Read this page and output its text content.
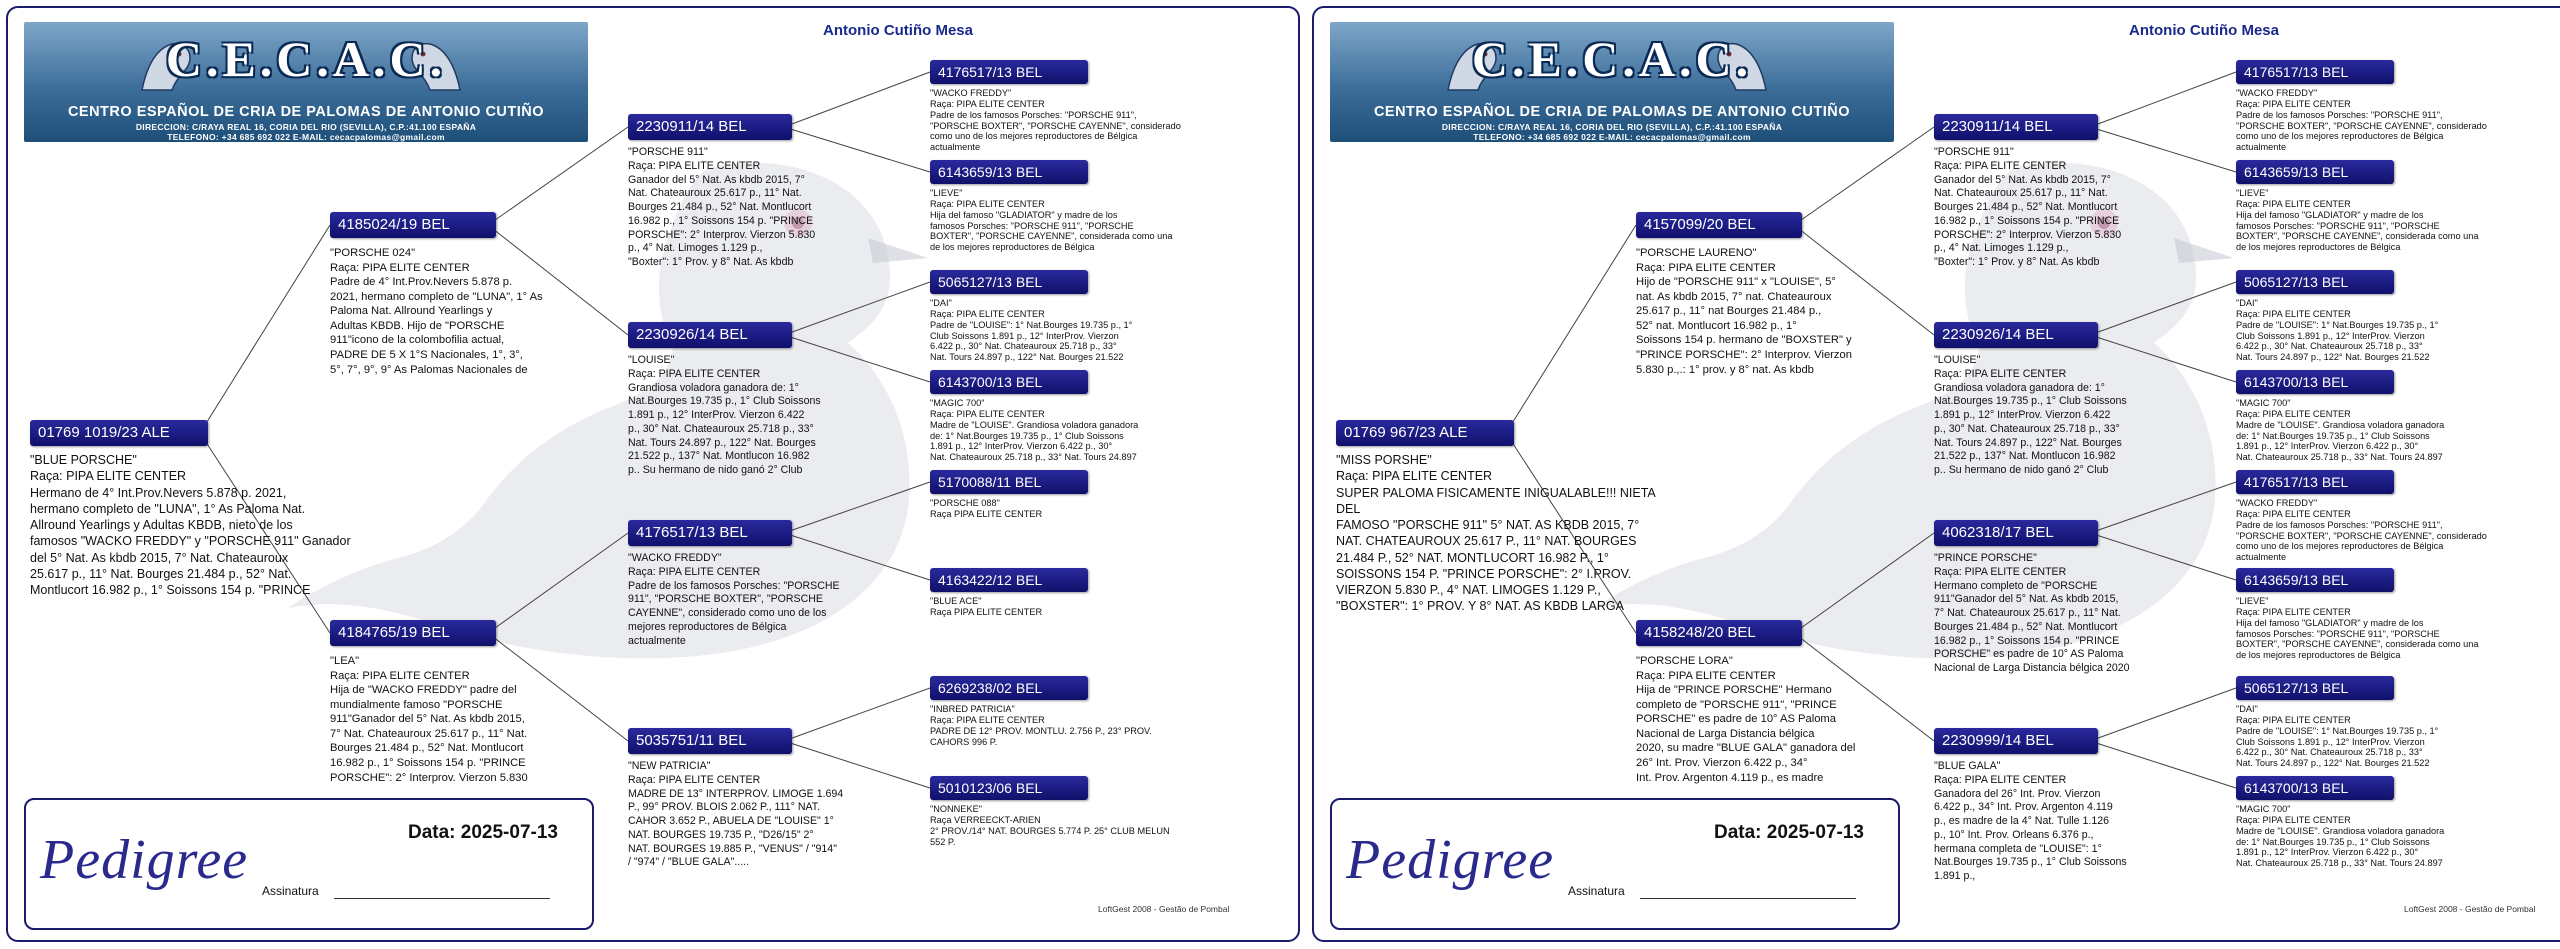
C.E.C.A.C.
CENTRO ESPAÑOL DE CRIA DE PALOMAS DE ANTONIO CUTIÑO
DIRECCION: C/RAYA REAL 16, CORIA DEL RIO (SEVILLA), C.P.:41.100 ESPAÑA
TELEFONO: +34 685 692 022 E-MAIL: cecacpalomas@gmail.com
Antonio Cutiño Mesa
01769 1019/23 ALE
"BLUE PORSCHE"
Raça: PIPA ELITE CENTER
Hermano de 4° Int.Prov.Nevers 5.878 p. 2021,
hermano completo de "LUNA", 1° As Paloma Nat.
Allround Yearlings y Adultas KBDB, nieto de los
famosos "WACKO FREDDY" y "PORSCHE 911" Ganador
del 5° Nat. As kbdb 2015, 7° Nat. Chateauroux
25.617 p., 11° Nat. Bourges 21.484 p., 52° Nat.
Montlucort 16.982 p., 1° Soissons 154 p. "PRINCE
4185024/19 BEL
"PORSCHE 024"
Raça: PIPA ELITE CENTER
Padre de 4° Int.Prov.Nevers 5.878 p.
2021, hermano completo de "LUNA", 1° As
Paloma Nat. Allround Yearlings y
Adultas KBDB. Hijo de "PORSCHE
911"icono de la colombofilia actual,
PADRE DE 5 X 1°S Nacionales, 1°, 3°,
5°, 7°, 9°, 9° As Palomas Nacionales de
4184765/19 BEL
"LEA"
Raça: PIPA ELITE CENTER
Hija de "WACKO FREDDY" padre del
mundialmente famoso "PORSCHE
911"Ganador del 5° Nat. As kbdb 2015,
7° Nat. Chateauroux 25.617 p., 11° Nat.
Bourges 21.484 p., 52° Nat. Montlucort
16.982 p., 1° Soissons 154 p. "PRINCE
PORSCHE": 2° Interprov. Vierzon 5.830
2230911/14 BEL
"PORSCHE 911"
Raça: PIPA ELITE CENTER
Ganador del 5° Nat. As kbdb 2015, 7°
Nat. Chateauroux 25.617 p., 11° Nat.
Bourges 21.484 p., 52° Nat. Montlucort
16.982 p., 1° Soissons 154 p. "PRINCE
PORSCHE": 2° Interprov. Vierzon 5.830
p., 4° Nat. Limoges 1.129 p.,
"Boxter": 1° Prov. y 8° Nat. As kbdb
2230926/14 BEL
"LOUISE"
Raça: PIPA ELITE CENTER
Grandiosa voladora ganadora de: 1°
Nat.Bourges 19.735 p., 1° Club Soissons
1.891 p., 12° InterProv. Vierzon 6.422
p., 30° Nat. Chateauroux 25.718 p., 33°
Nat. Tours 24.897 p., 122° Nat. Bourges
21.522 p., 137° Nat. Montlucon 16.982
p.. Su hermano de nido ganó 2° Club
4176517/13 BEL
"WACKO FREDDY"
Raça: PIPA ELITE CENTER
Padre de los famosos Porsches: "PORSCHE
911", "PORSCHE BOXTER", "PORSCHE
CAYENNE", considerado como uno de los
mejores reproductores de Bélgica
actualmente
5035751/11 BEL
"NEW PATRICIA"
Raça: PIPA ELITE CENTER
MADRE DE 13° INTERPROV. LIMOGE 1.694
P., 99° PROV. BLOIS 2.062 P., 111° NAT.
CAHOR 3.652 P., ABUELA DE "LOUISE" 1°
NAT. BOURGES 19.735 P., "D26/15" 2°
NAT. BOURGES 19.885 P., "VENUS" / "914"
/ "974" / "BLUE GALA".....
4176517/13 BEL
"WACKO FREDDY"
Raça: PIPA ELITE CENTER
Padre de los famosos Porsches: "PORSCHE 911",
"PORSCHE BOXTER", "PORSCHE CAYENNE", considerado
como uno de los mejores reproductores de Bélgica
actualmente
6143659/13 BEL
"LIEVE"
Raça: PIPA ELITE CENTER
Hija del famoso "GLADIATOR" y madre de los
famosos Porsches: "PORSCHE 911", "PORSCHE
BOXTER", "PORSCHE CAYENNE", considerada como una
de los mejores reproductores de Bélgica
5065127/13 BEL
"DAI"
Raça: PIPA ELITE CENTER
Padre de "LOUISE": 1° Nat.Bourges 19.735 p., 1°
Club Soissons 1.891 p., 12° InterProv. Vierzon
6.422 p., 30° Nat. Chateauroux 25.718 p., 33°
Nat. Tours 24.897 p., 122° Nat. Bourges 21.522
6143700/13 BEL
"MAGIC 700"
Raça: PIPA ELITE CENTER
Madre de "LOUISE". Grandiosa voladora ganadora
de: 1° Nat.Bourges 19.735 p., 1° Club Soissons
1.891 p., 12° InterProv. Vierzon 6.422 p., 30°
Nat. Chateauroux 25.718 p., 33° Nat. Tours 24.897
5170088/11 BEL
"PORSCHE 088"
Raça PIPA ELITE CENTER
4163422/12 BEL
"BLUE ACE"
Raça PIPA ELITE CENTER
6269238/02 BEL
"INBRED PATRICIA"
Raça: PIPA ELITE CENTER
PADRE DE 12° PROV. MONTLU. 2.756 P., 23° PROV.
CAHORS 996 P.
5010123/06 BEL
"NONNEKE"
Raça VERREECKT-ARIEN
2° PROV./14° NAT. BOURGES 5.774 P. 25° CLUB MELUN
552 P.
Pedigree	Data: 2025-07-13
Assinatura
LoftGest 2008 - Gestão de Pombal
C.E.C.A.C.
CENTRO ESPAÑOL DE CRIA DE PALOMAS DE ANTONIO CUTIÑO
DIRECCION: C/RAYA REAL 16, CORIA DEL RIO (SEVILLA), C.P.:41.100 ESPAÑA
TELEFONO: +34 685 692 022 E-MAIL: cecacpalomas@gmail.com
Antonio Cutiño Mesa
01769 967/23 ALE
"MISS PORSHE"
Raça: PIPA ELITE CENTER
SUPER PALOMA FISICAMENTE INIGUALABLE!!! NIETA DEL
FAMOSO "PORSCHE 911" 5° NAT. AS KBDB 2015, 7°
NAT. CHATEAUROUX 25.617 P., 11° NAT. BOURGES
21.484 P., 52° NAT. MONTLUCORT 16.982 P., 1°
SOISSONS 154 P. "PRINCE PORSCHE": 2° I.PROV.
VIERZON 5.830 P., 4° NAT. LIMOGES 1.129 P.,
"BOXSTER": 1° PROV. Y 8° NAT. AS KBDB LARGA
4157099/20 BEL
"PORSCHE LAURENO"
Raça: PIPA ELITE CENTER
Hijo de "PORSCHE 911" x "LOUISE", 5°
nat. As kbdb 2015, 7° nat. Chateauroux
25.617 p., 11° nat Bourges 21.484 p.,
52° nat. Montlucort 16.982 p., 1°
Soissons 154 p. hermano de "BOXSTER" y
"PRINCE PORSCHE": 2° Interprov. Vierzon
5.830 p.,.: 1° prov. y 8° nat. As kbdb
4158248/20 BEL
"PORSCHE LORA"
Raça: PIPA ELITE CENTER
Hija de "PRINCE PORSCHE" Hermano
completo de "PORSCHE 911", "PRINCE
PORSCHE" es padre de 10° AS Paloma
Nacional de Larga Distancia bélgica
2020, su madre "BLUE GALA" ganadora del
26° Int. Prov. Vierzon 6.422 p., 34°
Int. Prov. Argenton 4.119 p., es madre
2230911/14 BEL
"PORSCHE 911"
Raça: PIPA ELITE CENTER
Ganador del 5° Nat. As kbdb 2015, 7°
Nat. Chateauroux 25.617 p., 11° Nat.
Bourges 21.484 p., 52° Nat. Montlucort
16.982 p., 1° Soissons 154 p. "PRINCE
PORSCHE": 2° Interprov. Vierzon 5.830
p., 4° Nat. Limoges 1.129 p.,
"Boxter": 1° Prov. y 8° Nat. As kbdb
2230926/14 BEL
"LOUISE"
Raça: PIPA ELITE CENTER
Grandiosa voladora ganadora de: 1°
Nat.Bourges 19.735 p., 1° Club Soissons
1.891 p., 12° InterProv. Vierzon 6.422
p., 30° Nat. Chateauroux 25.718 p., 33°
Nat. Tours 24.897 p., 122° Nat. Bourges
21.522 p., 137° Nat. Montlucon 16.982
p.. Su hermano de nido ganó 2° Club
4062318/17 BEL
"PRINCE PORSCHE"
Raça: PIPA ELITE CENTER
Hermano completo de "PORSCHE
911"Ganador del 5° Nat. As kbdb 2015,
7° Nat. Chateauroux 25.617 p., 11° Nat.
Bourges 21.484 p., 52° Nat. Montlucort
16.982 p., 1° Soissons 154 p. "PRINCE
PORSCHE" es padre de 10° AS Paloma
Nacional de Larga Distancia bélgica 2020
2230999/14 BEL
"BLUE GALA"
Raça: PIPA ELITE CENTER
Ganadora del 26° Int. Prov. Vierzon
6.422 p., 34° Int. Prov. Argenton 4.119
p., es madre de la 4° Nat. Tulle 1.126
p., 10° Int. Prov. Orleans 6.376 p.,
hermana completa de "LOUISE": 1°
Nat.Bourges 19.735 p., 1° Club Soissons
1.891 p.,
4176517/13 BEL
"WACKO FREDDY"
Raça: PIPA ELITE CENTER
Padre de los famosos Porsches: "PORSCHE 911",
"PORSCHE BOXTER", "PORSCHE CAYENNE", considerado
como uno de los mejores reproductores de Bélgica
actualmente
6143659/13 BEL
"LIEVE"
Raça: PIPA ELITE CENTER
Hija del famoso "GLADIATOR" y madre de los
famosos Porsches: "PORSCHE 911", "PORSCHE
BOXTER", "PORSCHE CAYENNE", considerada como una
de los mejores reproductores de Bélgica
5065127/13 BEL
"DAI"
Raça: PIPA ELITE CENTER
Padre de "LOUISE": 1° Nat.Bourges 19.735 p., 1°
Club Soissons 1.891 p., 12° InterProv. Vierzon
6.422 p., 30° Nat. Chateauroux 25.718 p., 33°
Nat. Tours 24.897 p., 122° Nat. Bourges 21.522
6143700/13 BEL
"MAGIC 700"
Raça: PIPA ELITE CENTER
Madre de "LOUISE". Grandiosa voladora ganadora
de: 1° Nat.Bourges 19.735 p., 1° Club Soissons
1.891 p., 12° InterProv. Vierzon 6.422 p., 30°
Nat. Chateauroux 25.718 p., 33° Nat. Tours 24.897
4176517/13 BEL
"WACKO FREDDY"
Raça: PIPA ELITE CENTER
Padre de los famosos Porsches: "PORSCHE 911",
"PORSCHE BOXTER", "PORSCHE CAYENNE", considerado
como uno de los mejores reproductores de Bélgica
actualmente
6143659/13 BEL
"LIEVE"
Raça: PIPA ELITE CENTER
Hija del famoso "GLADIATOR" y madre de los
famosos Porsches: "PORSCHE 911", "PORSCHE
BOXTER", "PORSCHE CAYENNE", considerada como una
de los mejores reproductores de Bélgica
5065127/13 BEL
"DAI"
Raça: PIPA ELITE CENTER
Padre de "LOUISE": 1° Nat.Bourges 19.735 p., 1°
Club Soissons 1.891 p., 12° InterProv. Vierzon
6.422 p., 30° Nat. Chateauroux 25.718 p., 33°
Nat. Tours 24.897 p., 122° Nat. Bourges 21.522
6143700/13 BEL
"MAGIC 700"
Raça: PIPA ELITE CENTER
Madre de "LOUISE". Grandiosa voladora ganadora
de: 1° Nat.Bourges 19.735 p., 1° Club Soissons
1.891 p., 12° InterProv. Vierzon 6.422 p., 30°
Nat. Chateauroux 25.718 p., 33° Nat. Tours 24.897
Pedigree	Data: 2025-07-13
Assinatura
LoftGest 2008 - Gestão de Pombal
